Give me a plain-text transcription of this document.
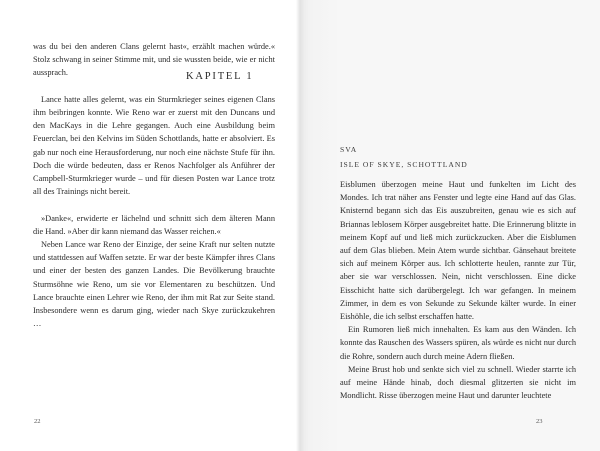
was du bei den anderen Clans gelernt hast«, erzählt machen würde.« Stolz schwang in seiner Stimme mit, und sie wussten beide, wie er nicht aussprach.

Lance hatte alles gelernt, was ein Sturmkrieger seines eigenen Clans ihm beibringen konnte. Wie Reno war er zuerst mit den Duncans und den MacKays in die Lehre gegangen. Auch eine Ausbildung beim Feuerclan, bei den Kelvins im Süden Schottlands, hatte er absolviert. Es gab nur noch eine Herausforderung, nur noch eine nächste Stufe für ihn. Doch die würde bedeuten, dass er Renos Nachfolger als Anführer der Campbell-Sturmkrieger wurde – und für diesen Posten war Lance trotz all des Trainings nicht bereit.

»Danke«, erwiderte er lächelnd und schnitt sich dem älteren Mann die Hand. »Aber dir kann niemand das Wasser reichen.«

Neben Lance war Reno der Einzige, der seine Kraft nur selten nutzte und stattdessen auf Waffen setzte. Er war der beste Kämpfer ihres Clans und einer der besten des ganzen Landes. Die Bevölkerung brauchte Sturmsöhne wie Reno, um sie vor Elementaren zu beschützen. Und Lance brauchte einen Lehrer wie Reno, der ihm mit Rat zur Seite stand. Insbesondere wenn es darum ging, wieder nach Skye zurückzukehren …

SVA
ISLE OF SKYE, SCHOTTLAND

Eisblumen überzogen meine Haut und funkelten im Licht des Mondes. Ich trat näher ans Fenster und legte eine Hand auf das Glas. Knisternd begann sich das Eis auszubreiten, genau wie es sich auf Briannas leblosem Körper ausgebreitet hatte. Die Erinnerung blitzte in meinem Kopf auf und ließ mich zurückzucken. Aber die Eisblumen auf dem Glas blieben. Mein Atem wurde sichtbar. Gänsehaut breitete sich auf meinem Körper aus. Ich schlotterte heulen, rannte zur Tür, aber sie war verschlossen. Nein, nicht verschlossen. Eine dicke Eisschicht hatte sich darübergelegt. Ich war gefangen. In meinem Zimmer, in dem es von Sekunde zu Sekunde kälter wurde. In einer Eishöhle, die ich selbst erschaffen hatte.

Ein Rumoren ließ mich innehalten. Es kam aus den Wänden. Ich konnte das Rauschen des Wassers spüren, als würde es nicht nur durch die Rohre, sondern auch durch meine Adern fließen.

Meine Brust hob und senkte sich viel zu schnell. Wieder starrte ich auf meine Hände hinab, doch diesmal glitzerten sie nicht im Mondlicht. Risse überzogen meine Haut und darunter leuchtete

KAPITEL 1
22	23
